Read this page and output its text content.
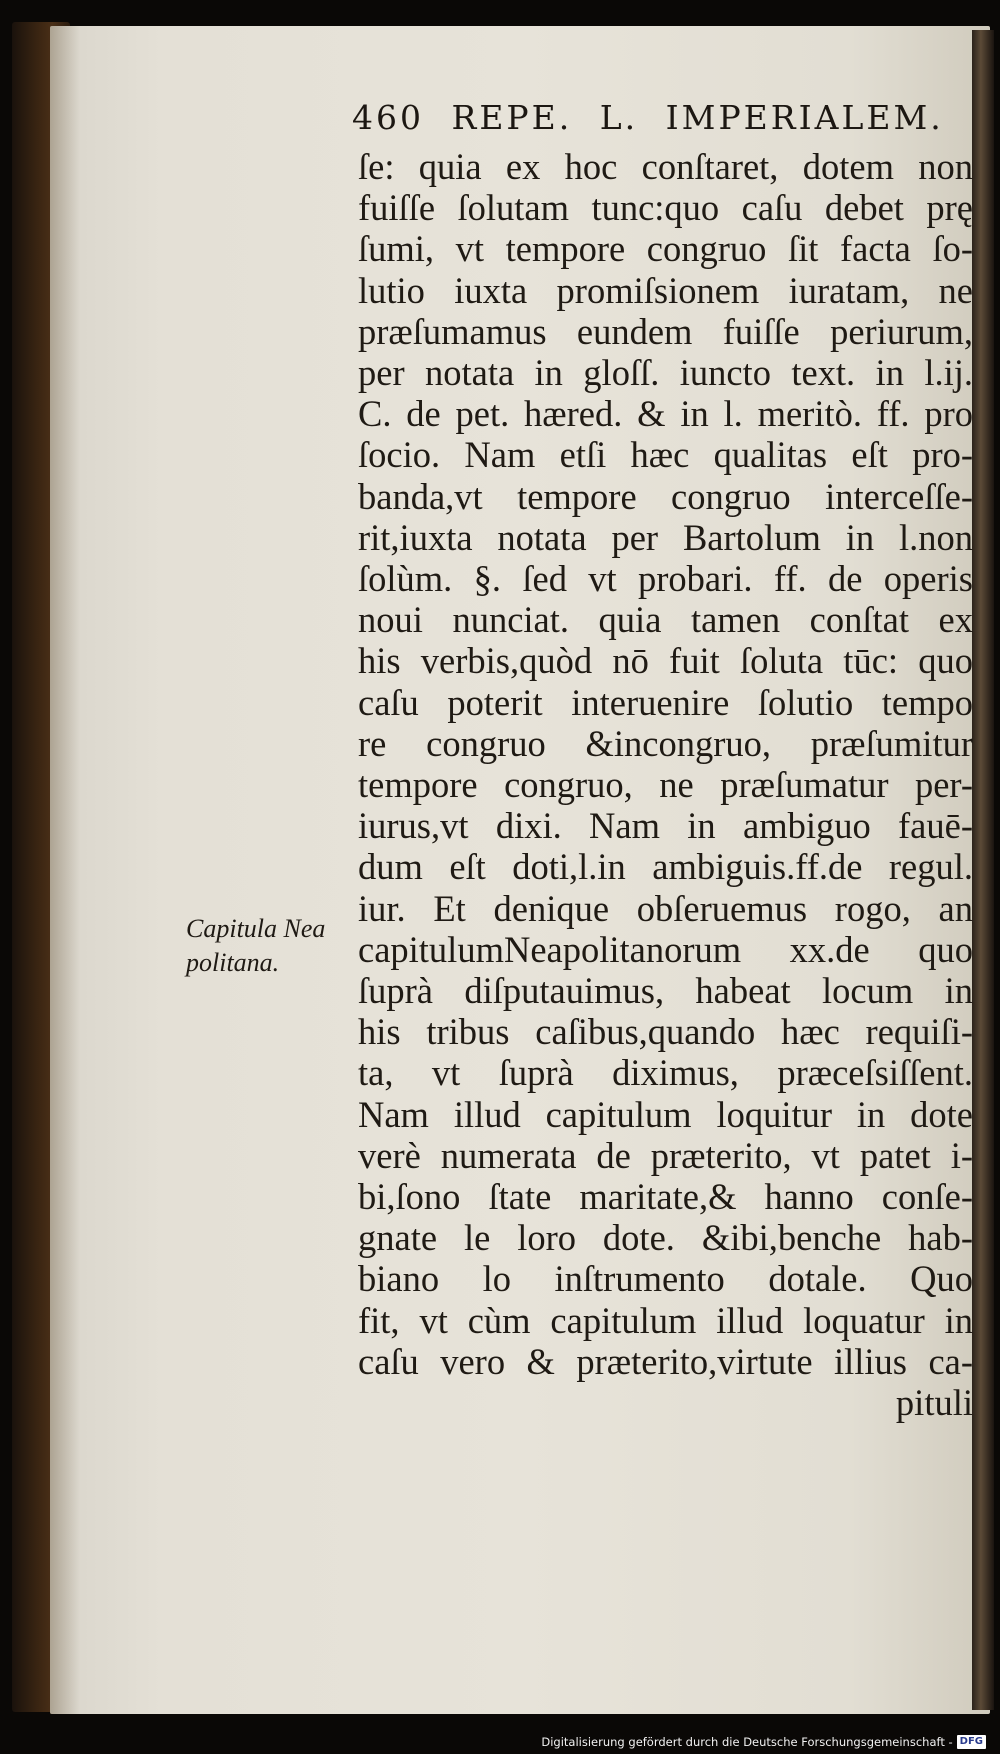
460 REPE. L. IMPERIALEM.
ſe: quia ex hoc conſtaret, dotem non
fuiſſe ſolutam tunc:quo caſu debet prę
ſumi, vt tempore congruo ſit facta ſo-
lutio iuxta promiſsionem iuratam, ne
præſumamus eundem fuiſſe periurum,
per notata in gloſſ. iuncto text. in l.ij.
C. de pet. hæred. & in l. meritò. ff. pro
ſocio. Nam etſi hæc qualitas eſt pro-
banda,vt tempore congruo interceſſe-
rit,iuxta notata per Bartolum in l.non
ſolùm. §. ſed vt probari. ff. de operis
noui nunciat. quia tamen conſtat ex
his verbis,quòd nō fuit ſoluta tūc: quo
caſu poterit interuenire ſolutio tempo
re congruo &incongruo, præſumitur
tempore congruo, ne præſumatur per-
iurus,vt dixi. Nam in ambiguo fauē-
dum eſt doti,l.in ambiguis.ff.de regul.
iur. Et denique obſeruemus rogo, an
capitulumNeapolitanorum xx.de quo
ſuprà diſputauimus, habeat locum in
his tribus caſibus,quando hæc requiſi-
ta, vt ſuprà diximus, præceſsiſſent.
Nam illud capitulum loquitur in dote
verè numerata de præterito, vt patet i-
bi,ſono ſtate maritate,& hanno conſe-
gnate le loro dote. &ibi,benche hab-
biano lo inſtrumento dotale. Quo
fit, vt cùm capitulum illud loquatur in
caſu vero & præterito,virtute illius ca-
pituli
Capitula Nea
politana.
Digitalisierung gefördert durch die Deutsche Forschungsgemeinschaft - DFG
